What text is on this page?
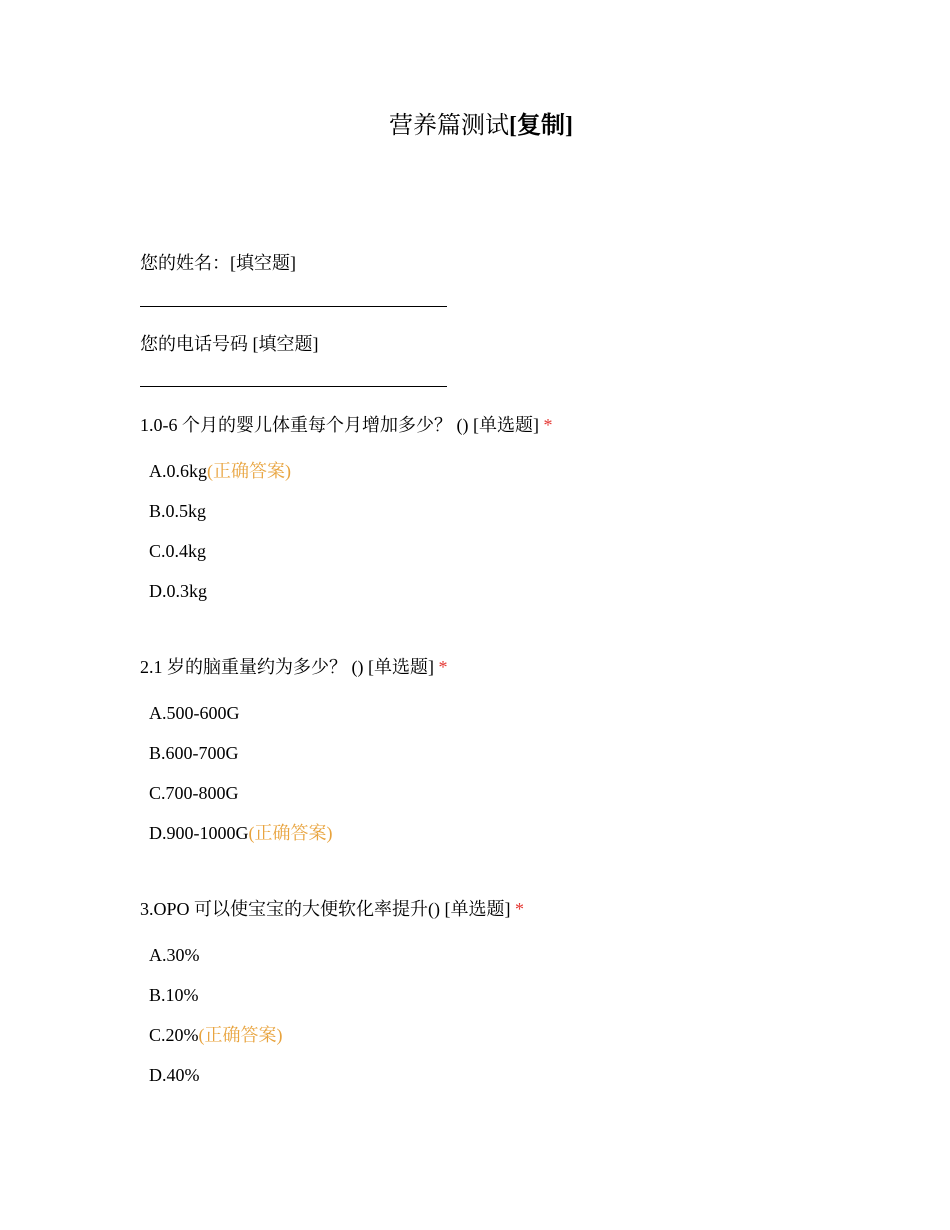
营养篇测试[复制]
您的姓名：[填空题]
您的电话号码 [填空题]
1.0-6 个月的婴儿体重每个月增加多少？ () [单选题] *
A.0.6kg(正确答案)
B.0.5kg
C.0.4kg
D.0.3kg
2.1 岁的脑重量约为多少？ () [单选题] *
A.500-600G
B.600-700G
C.700-800G
D.900-1000G(正确答案)
3.OPO 可以使宝宝的大便软化率提升() [单选题] *
A.30%
B.10%
C.20%(正确答案)
D.40%
